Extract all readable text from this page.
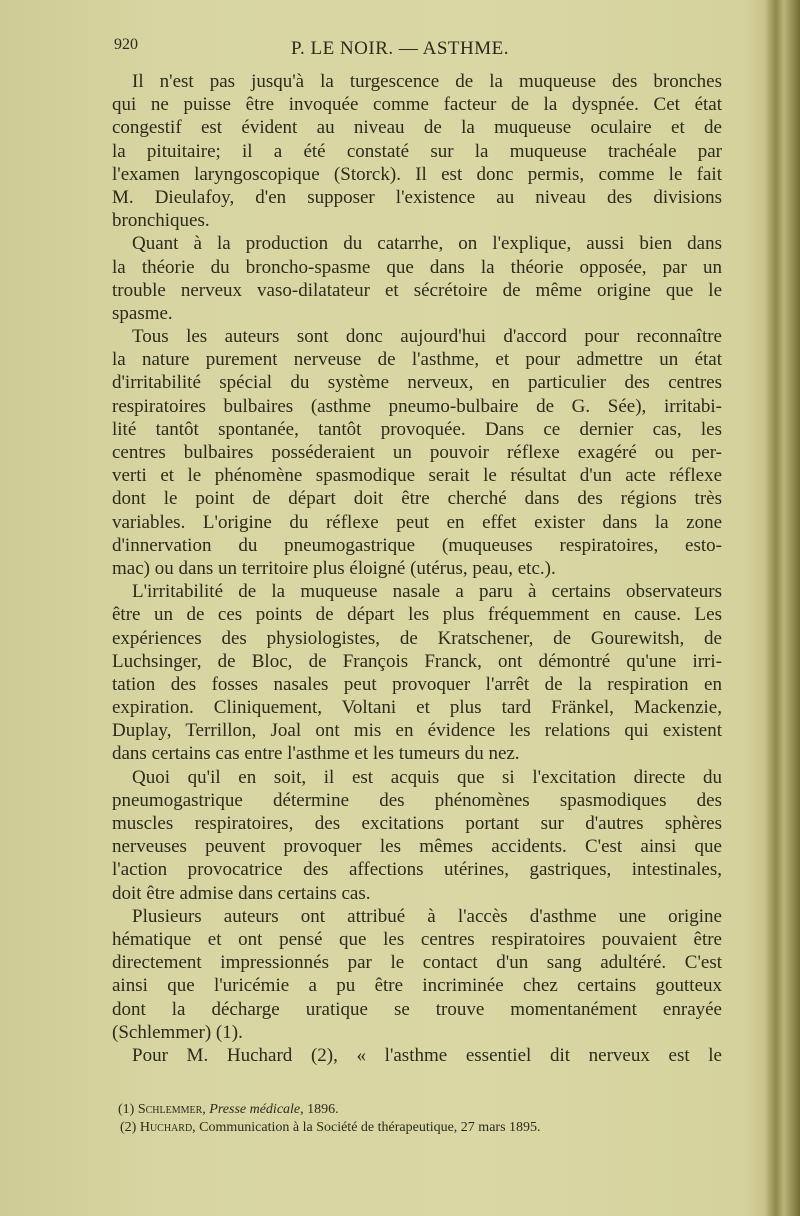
920	P. LE NOIR. — ASTHME.
Il n'est pas jusqu'à la turgescence de la muqueuse des bronches
qui ne puisse être invoquée comme facteur de la dyspnée. Cet état
congestif est évident au niveau de la muqueuse oculaire et de
la pituitaire; il a été constaté sur la muqueuse trachéale par
l'examen laryngoscopique (Storck). Il est donc permis, comme le fait
M. Dieulafoy, d'en supposer l'existence au niveau des divisions
bronchiques.
Quant à la production du catarrhe, on l'explique, aussi bien dans
la théorie du broncho-spasme que dans la théorie opposée, par un
trouble nerveux vaso-dilatateur et sécrétoire de même origine que le
spasme.
Tous les auteurs sont donc aujourd'hui d'accord pour reconnaître
la nature purement nerveuse de l'asthme, et pour admettre un état
d'irritabilité spécial du système nerveux, en particulier des centres
respiratoires bulbaires (asthme pneumo-bulbaire de G. Sée), irritabi-
lité tantôt spontanée, tantôt provoquée. Dans ce dernier cas, les
centres bulbaires posséderaient un pouvoir réflexe exagéré ou per-
verti et le phénomène spasmodique serait le résultat d'un acte réflexe
dont le point de départ doit être cherché dans des régions très
variables. L'origine du réflexe peut en effet exister dans la zone
d'innervation du pneumogastrique (muqueuses respiratoires, esto-
mac) ou dans un territoire plus éloigné (utérus, peau, etc.).
L'irritabilité de la muqueuse nasale a paru à certains observateurs
être un de ces points de départ les plus fréquemment en cause. Les
expériences des physiologistes, de Kratschener, de Gourewitsh, de
Luchsinger, de Bloc, de François Franck, ont démontré qu'une irri-
tation des fosses nasales peut provoquer l'arrêt de la respiration en
expiration. Cliniquement, Voltani et plus tard Fränkel, Mackenzie,
Duplay, Terrillon, Joal ont mis en évidence les relations qui existent
dans certains cas entre l'asthme et les tumeurs du nez.
Quoi qu'il en soit, il est acquis que si l'excitation directe du
pneumogastrique détermine des phénomènes spasmodiques des
muscles respiratoires, des excitations portant sur d'autres sphères
nerveuses peuvent provoquer les mêmes accidents. C'est ainsi que
l'action provocatrice des affections utérines, gastriques, intestinales,
doit être admise dans certains cas.
Plusieurs auteurs ont attribué à l'accès d'asthme une origine
hématique et ont pensé que les centres respiratoires pouvaient être
directement impressionnés par le contact d'un sang adultéré. C'est
ainsi que l'uricémie a pu être incriminée chez certains goutteux
dont la décharge uratique se trouve momentanément enrayée
(Schlemmer) (1).
Pour M. Huchard (2), « l'asthme essentiel dit nerveux est le
(1) Schlemmer, Presse médicale, 1896.
(2) Huchard, Communication à la Société de thérapeutique, 27 mars 1895.
